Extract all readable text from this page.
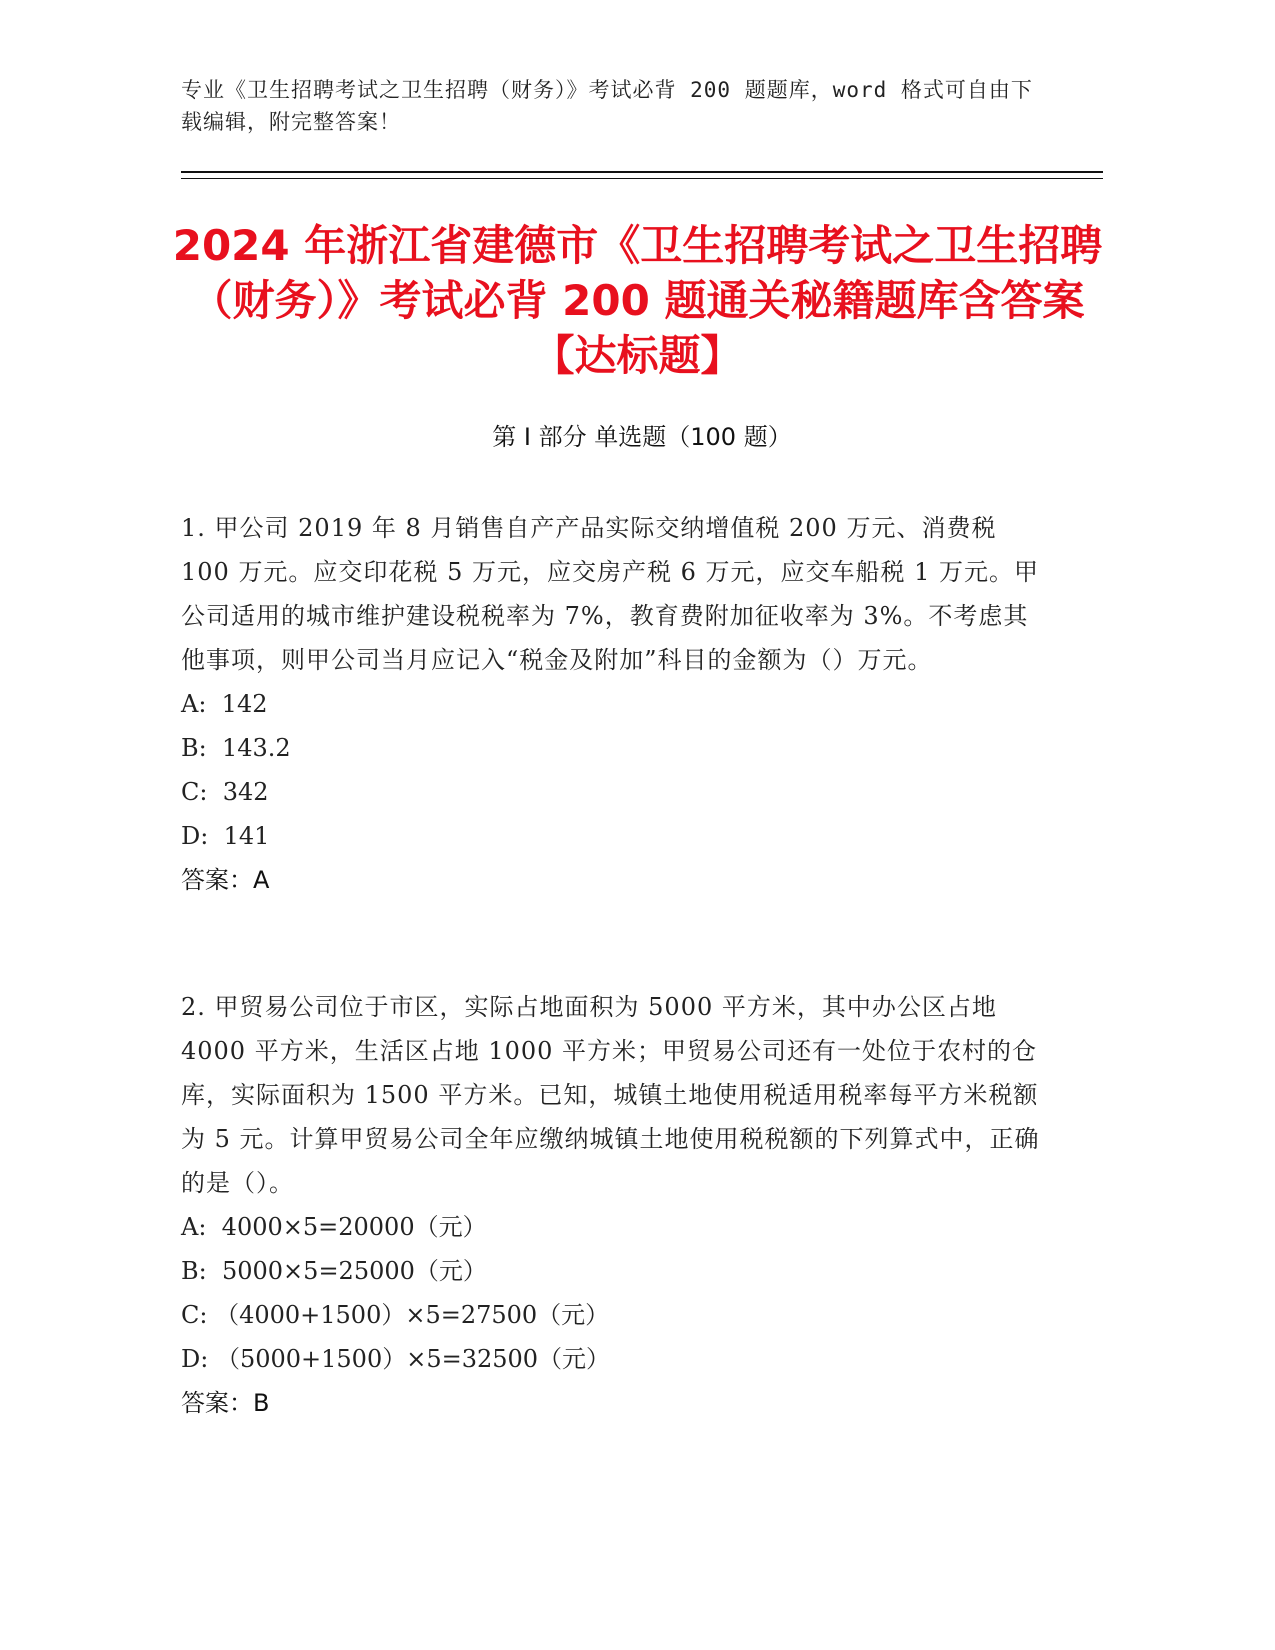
专业《卫生招聘考试之卫生招聘（财务）》考试必背 200 题题库，word 格式可自由下载编辑，附完整答案！
2024 年浙江省建德市《卫生招聘考试之卫生招聘（财务）》考试必背 200 题通关秘籍题库含答案【达标题】
第 I 部分 单选题（100 题）

1. 甲公司 2019 年 8 月销售自产产品实际交纳增值税 200 万元、消费税 100 万元。应交印花税 5 万元，应交房产税 6 万元，应交车船税 1 万元。甲公司适用的城市维护建设税税率为 7%，教育费附加征收率为 3%。不考虑其他事项，则甲公司当月应记入“税金及附加”科目的金额为（）万元。

A:  142

B:  143.2

C:  342

D:  141

答案：A

2. 甲贸易公司位于市区，实际占地面积为 5000 平方米，其中办公区占地 4000 平方米，生活区占地 1000 平方米；甲贸易公司还有一处位于农村的仓库，实际面积为 1500 平方米。已知，城镇土地使用税适用税率每平方米税额为 5 元。计算甲贸易公司全年应缴纳城镇土地使用税税额的下列算式中，正确的是（）。

A:  4000×5=20000（元）

B:  5000×5=25000（元）

C: （4000+1500）×5=27500（元）

D: （5000+1500）×5=32500（元）

答案：B
